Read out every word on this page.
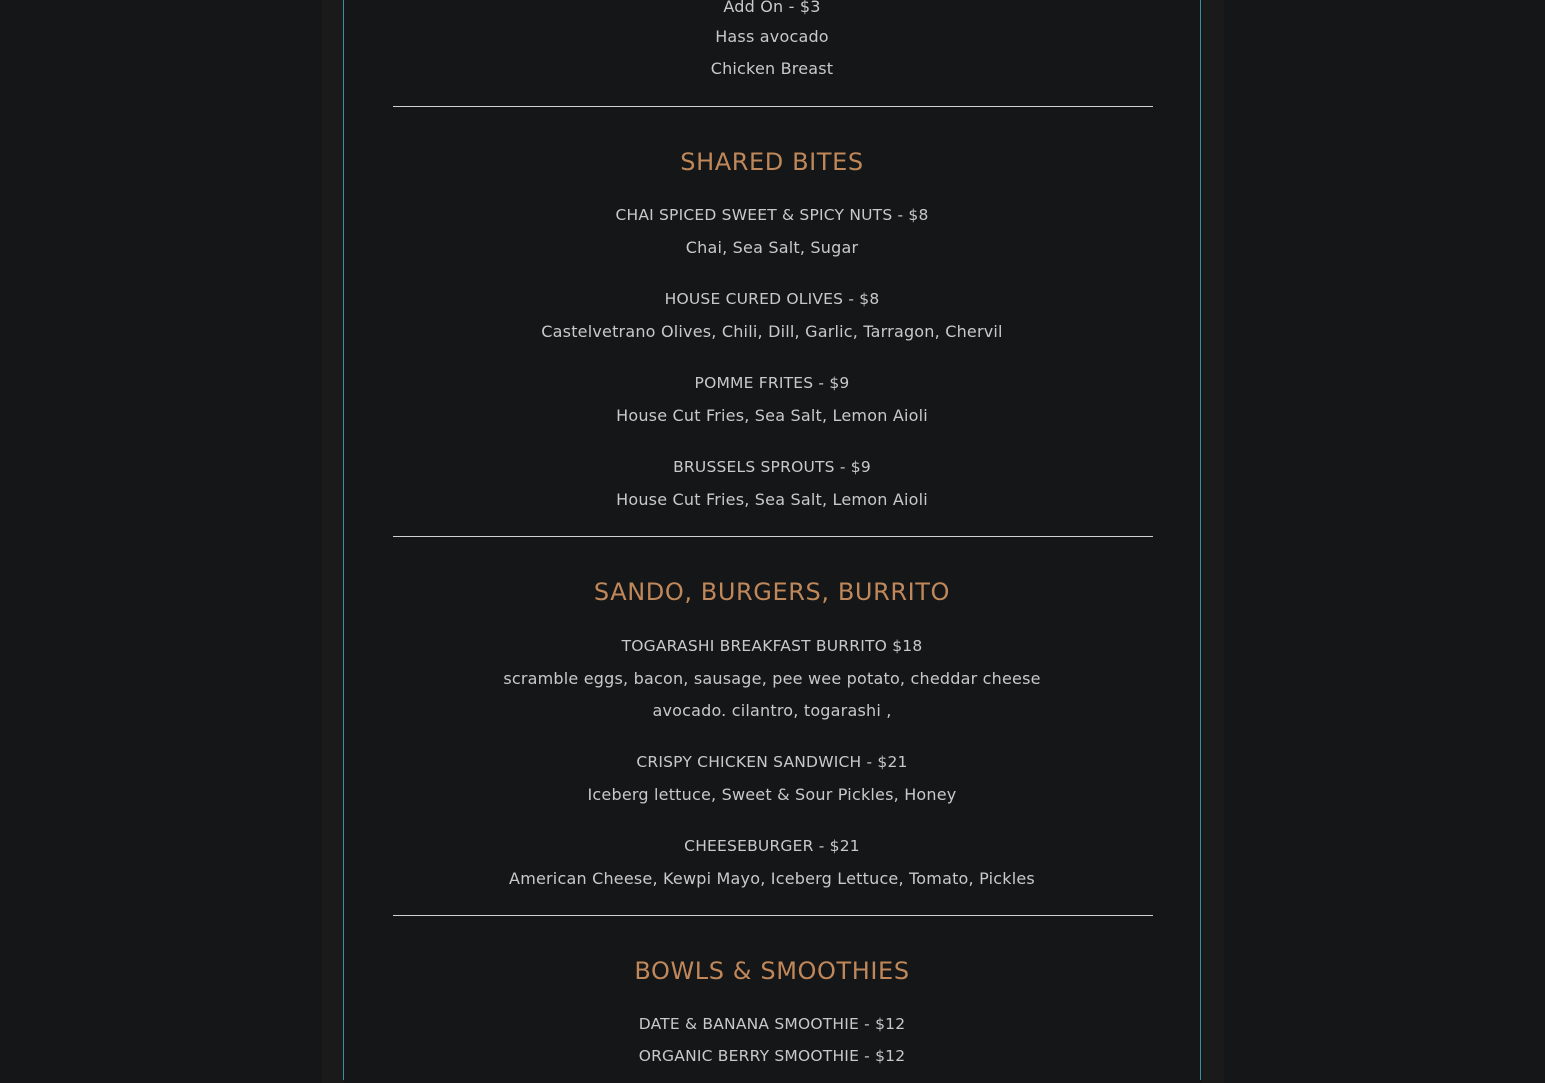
Add On - $3
Hass avocado
Chicken Breast
SHARED BITES
CHAI SPICED SWEET & SPICY NUTS - $8
Chai, Sea Salt, Sugar
HOUSE CURED OLIVES - $8
Castelvetrano Olives, Chili, Dill, Garlic, Tarragon, Chervil
POMME FRITES - $9
House Cut Fries, Sea Salt, Lemon Aioli
BRUSSELS SPROUTS - $9
House Cut Fries, Sea Salt, Lemon Aioli
SANDO, BURGERS, BURRITO
TOGARASHI BREAKFAST BURRITO $18
scramble eggs, bacon, sausage, pee wee potato, cheddar cheese
avocado. cilantro, togarashi ,
CRISPY CHICKEN SANDWICH - $21
Iceberg lettuce, Sweet & Sour Pickles, Honey
CHEESEBURGER - $21
American Cheese, Kewpi Mayo, Iceberg Lettuce, Tomato, Pickles
BOWLS & SMOOTHIES
DATE & BANANA SMOOTHIE - $12
ORGANIC BERRY SMOOTHIE - $12
